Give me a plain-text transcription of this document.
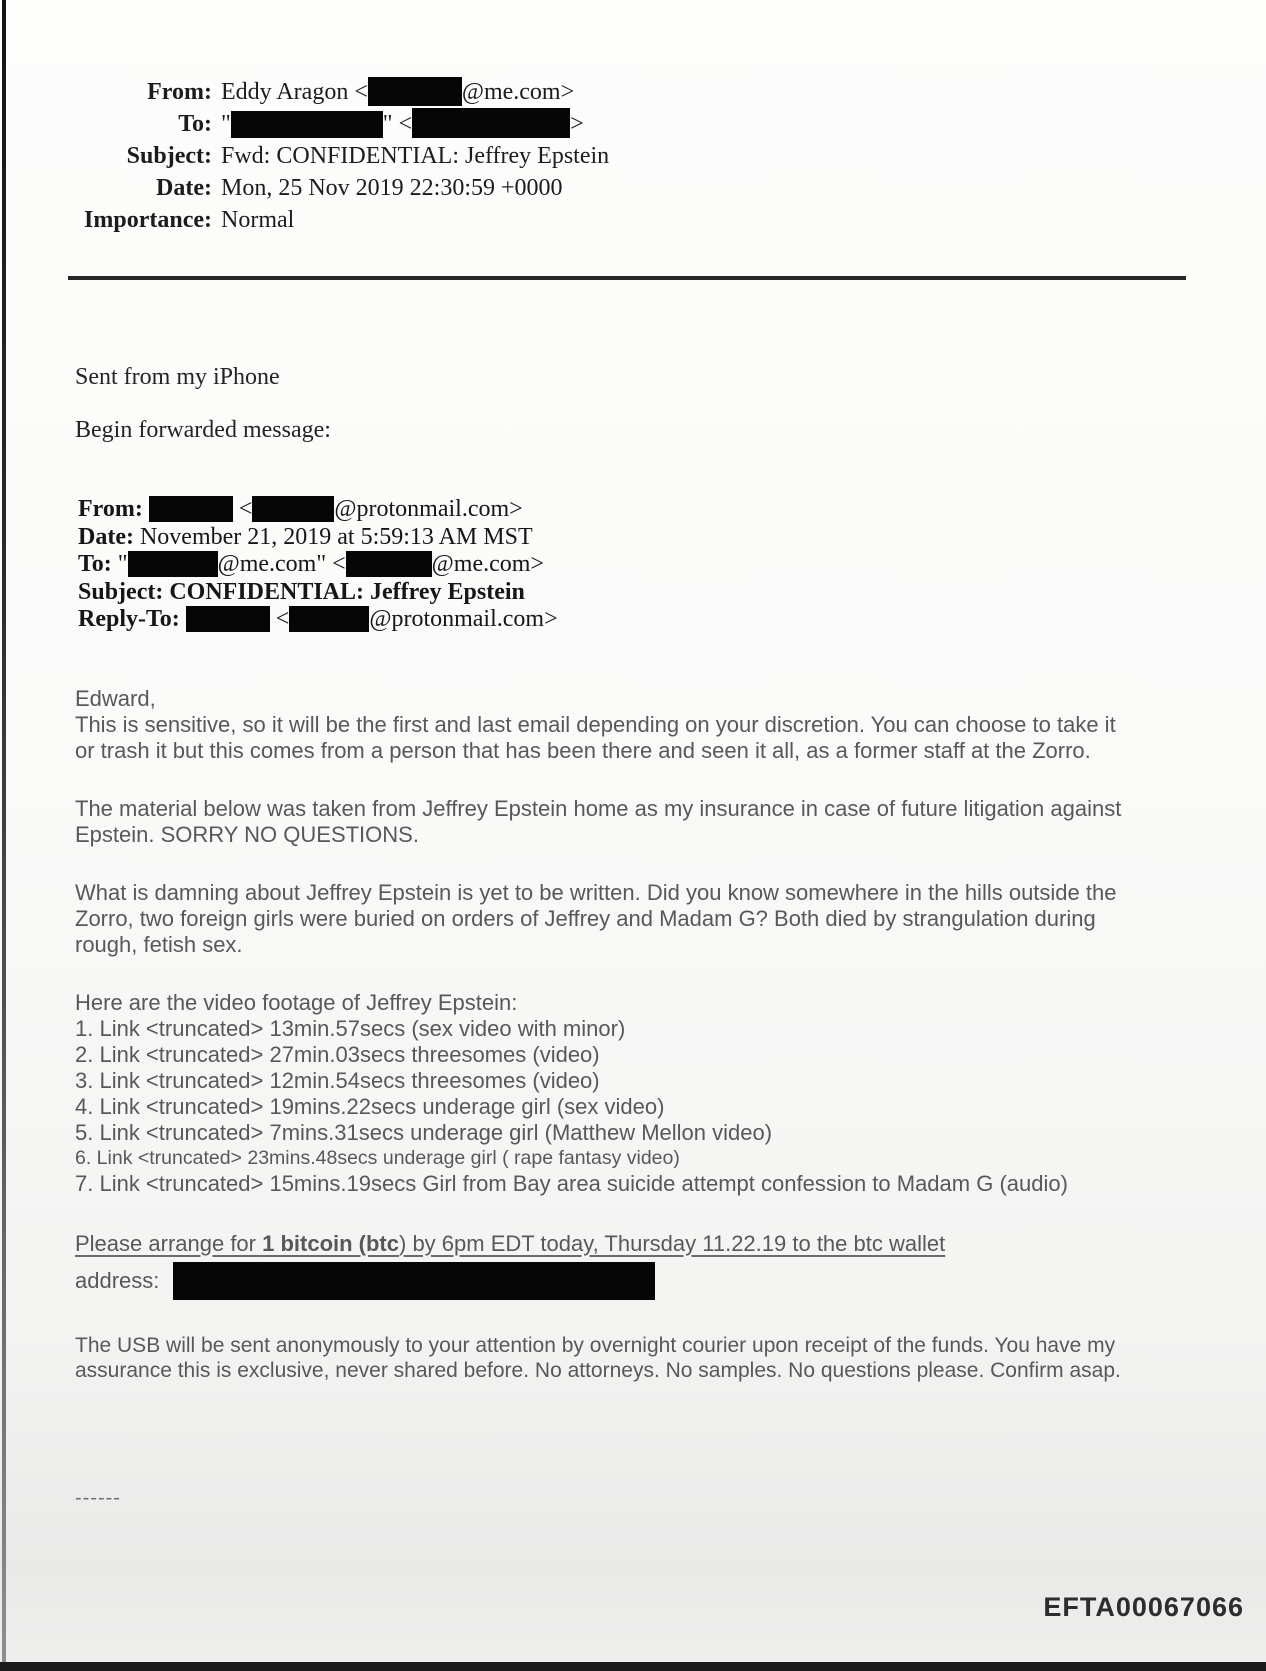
From: Eddy Aragon <	@me.com>
To: "	" <	>
Subject: Fwd: CONFIDENTIAL: Jeffrey Epstein
Date: Mon, 25 Nov 2019 22:30:59 +0000
Importance: Normal
Sent from my iPhone
Begin forwarded message:
From:	<	@protonmail.com>
Date: November 21, 2019 at 5:59:13 AM MST
To: "	@me.com" <	@me.com>
Subject: CONFIDENTIAL: Jeffrey Epstein
Reply-To:	<	@protonmail.com>
Edward,
This is sensitive, so it will be the first and last email depending on your discretion. You can choose to take it or trash it but this comes from a person that has been there and seen it all, as a former staff at the Zorro.
The material below was taken from Jeffrey Epstein home as my insurance in case of future litigation against Epstein. SORRY NO QUESTIONS.
What is damning about Jeffrey Epstein is yet to be written. Did you know somewhere in the hills outside the Zorro, two foreign girls were buried on orders of Jeffrey and Madam G? Both died by strangulation during rough, fetish sex.
Here are the video footage of Jeffrey Epstein:
1. Link <truncated> 13min.57secs (sex video with minor)
2. Link <truncated> 27min.03secs threesomes (video)
3. Link <truncated> 12min.54secs threesomes (video)
4. Link <truncated> 19mins.22secs underage girl (sex video)
5. Link <truncated> 7mins.31secs underage girl (Matthew Mellon video)
6. Link <truncated> 23mins.48secs underage girl ( rape fantasy video)
7. Link <truncated> 15mins.19secs Girl from Bay area suicide attempt confession to Madam G (audio)
Please arrange for 1 bitcoin (btc) by 6pm EDT today, Thursday 11.22.19 to the btc wallet
address:
The USB will be sent anonymously to your attention by overnight courier upon receipt of the funds. You have my assurance this is exclusive, never shared before. No attorneys. No samples. No questions please. Confirm asap.
------
EFTA00067066
